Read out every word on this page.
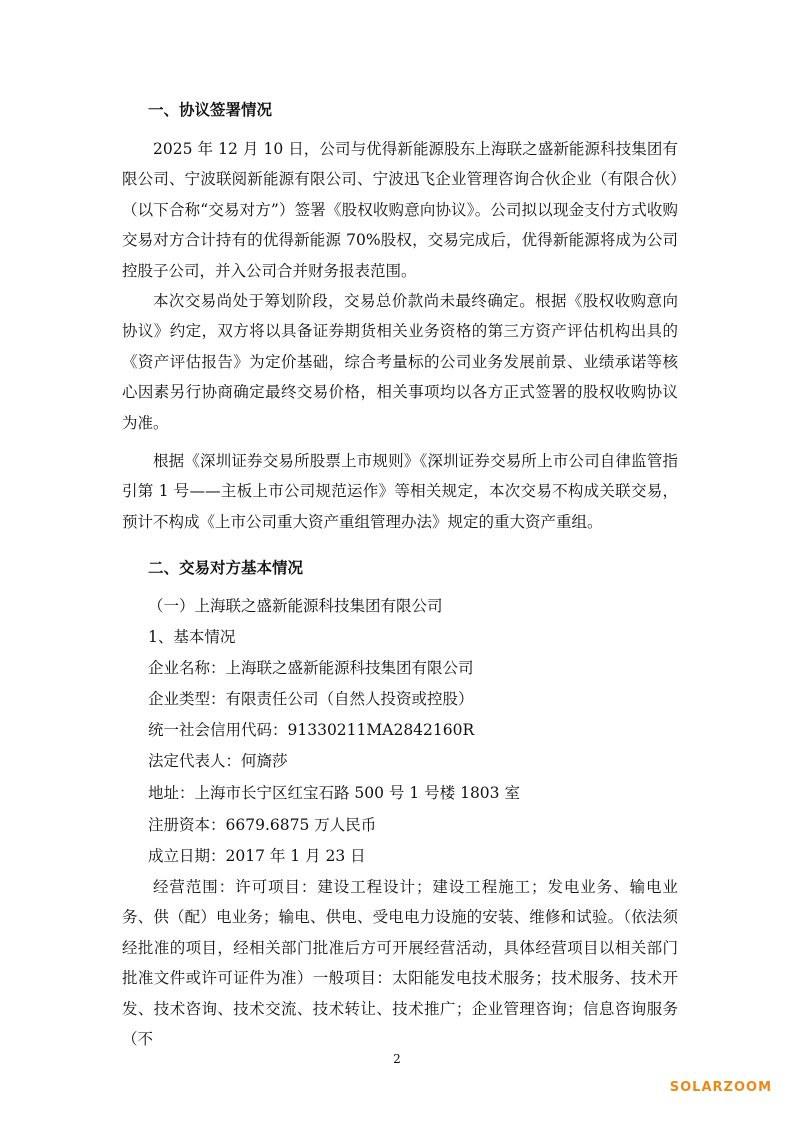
一、协议签署情况

2025 年 12 月 10 日，公司与优得新能源股东上海联之盛新能源科技集团有限公司、宁波联阅新能源有限公司、宁波迅飞企业管理咨询合伙企业（有限合伙）（以下合称“交易对方”）签署《股权收购意向协议》。公司拟以现金支付方式收购交易对方合计持有的优得新能源 70%股权，交易完成后，优得新能源将成为公司控股子公司，并入公司合并财务报表范围。

本次交易尚处于筹划阶段，交易总价款尚未最终确定。根据《股权收购意向协议》约定，双方将以具备证券期货相关业务资格的第三方资产评估机构出具的《资产评估报告》为定价基础，综合考量标的公司业务发展前景、业绩承诺等核心因素另行协商确定最终交易价格，相关事项均以各方正式签署的股权收购协议为准。

根据《深圳证券交易所股票上市规则》《深圳证券交易所上市公司自律监管指引第 1 号——主板上市公司规范运作》等相关规定，本次交易不构成关联交易，预计不构成《上市公司重大资产重组管理办法》规定的重大资产重组。

二、交易对方基本情况
（一）上海联之盛新能源科技集团有限公司
1、基本情况
企业名称：上海联之盛新能源科技集团有限公司
企业类型：有限责任公司（自然人投资或控股）
统一社会信用代码：91330211MA2842160R
法定代表人：何旖莎
地址：上海市长宁区红宝石路 500 号 1 号楼 1803 室
注册资本：6679.6875 万人民币
成立日期：2017 年 1 月 23 日

经营范围：许可项目：建设工程设计；建设工程施工；发电业务、输电业务、供（配）电业务；输电、供电、受电电力设施的安装、维修和试验。（依法须经批准的项目，经相关部门批准后方可开展经营活动，具体经营项目以相关部门批准文件或许可证件为准）一般项目：太阳能发电技术服务；技术服务、技术开发、技术咨询、技术交流、技术转让、技术推广；企业管理咨询；信息咨询服务（不

2
SOLARZOOM
